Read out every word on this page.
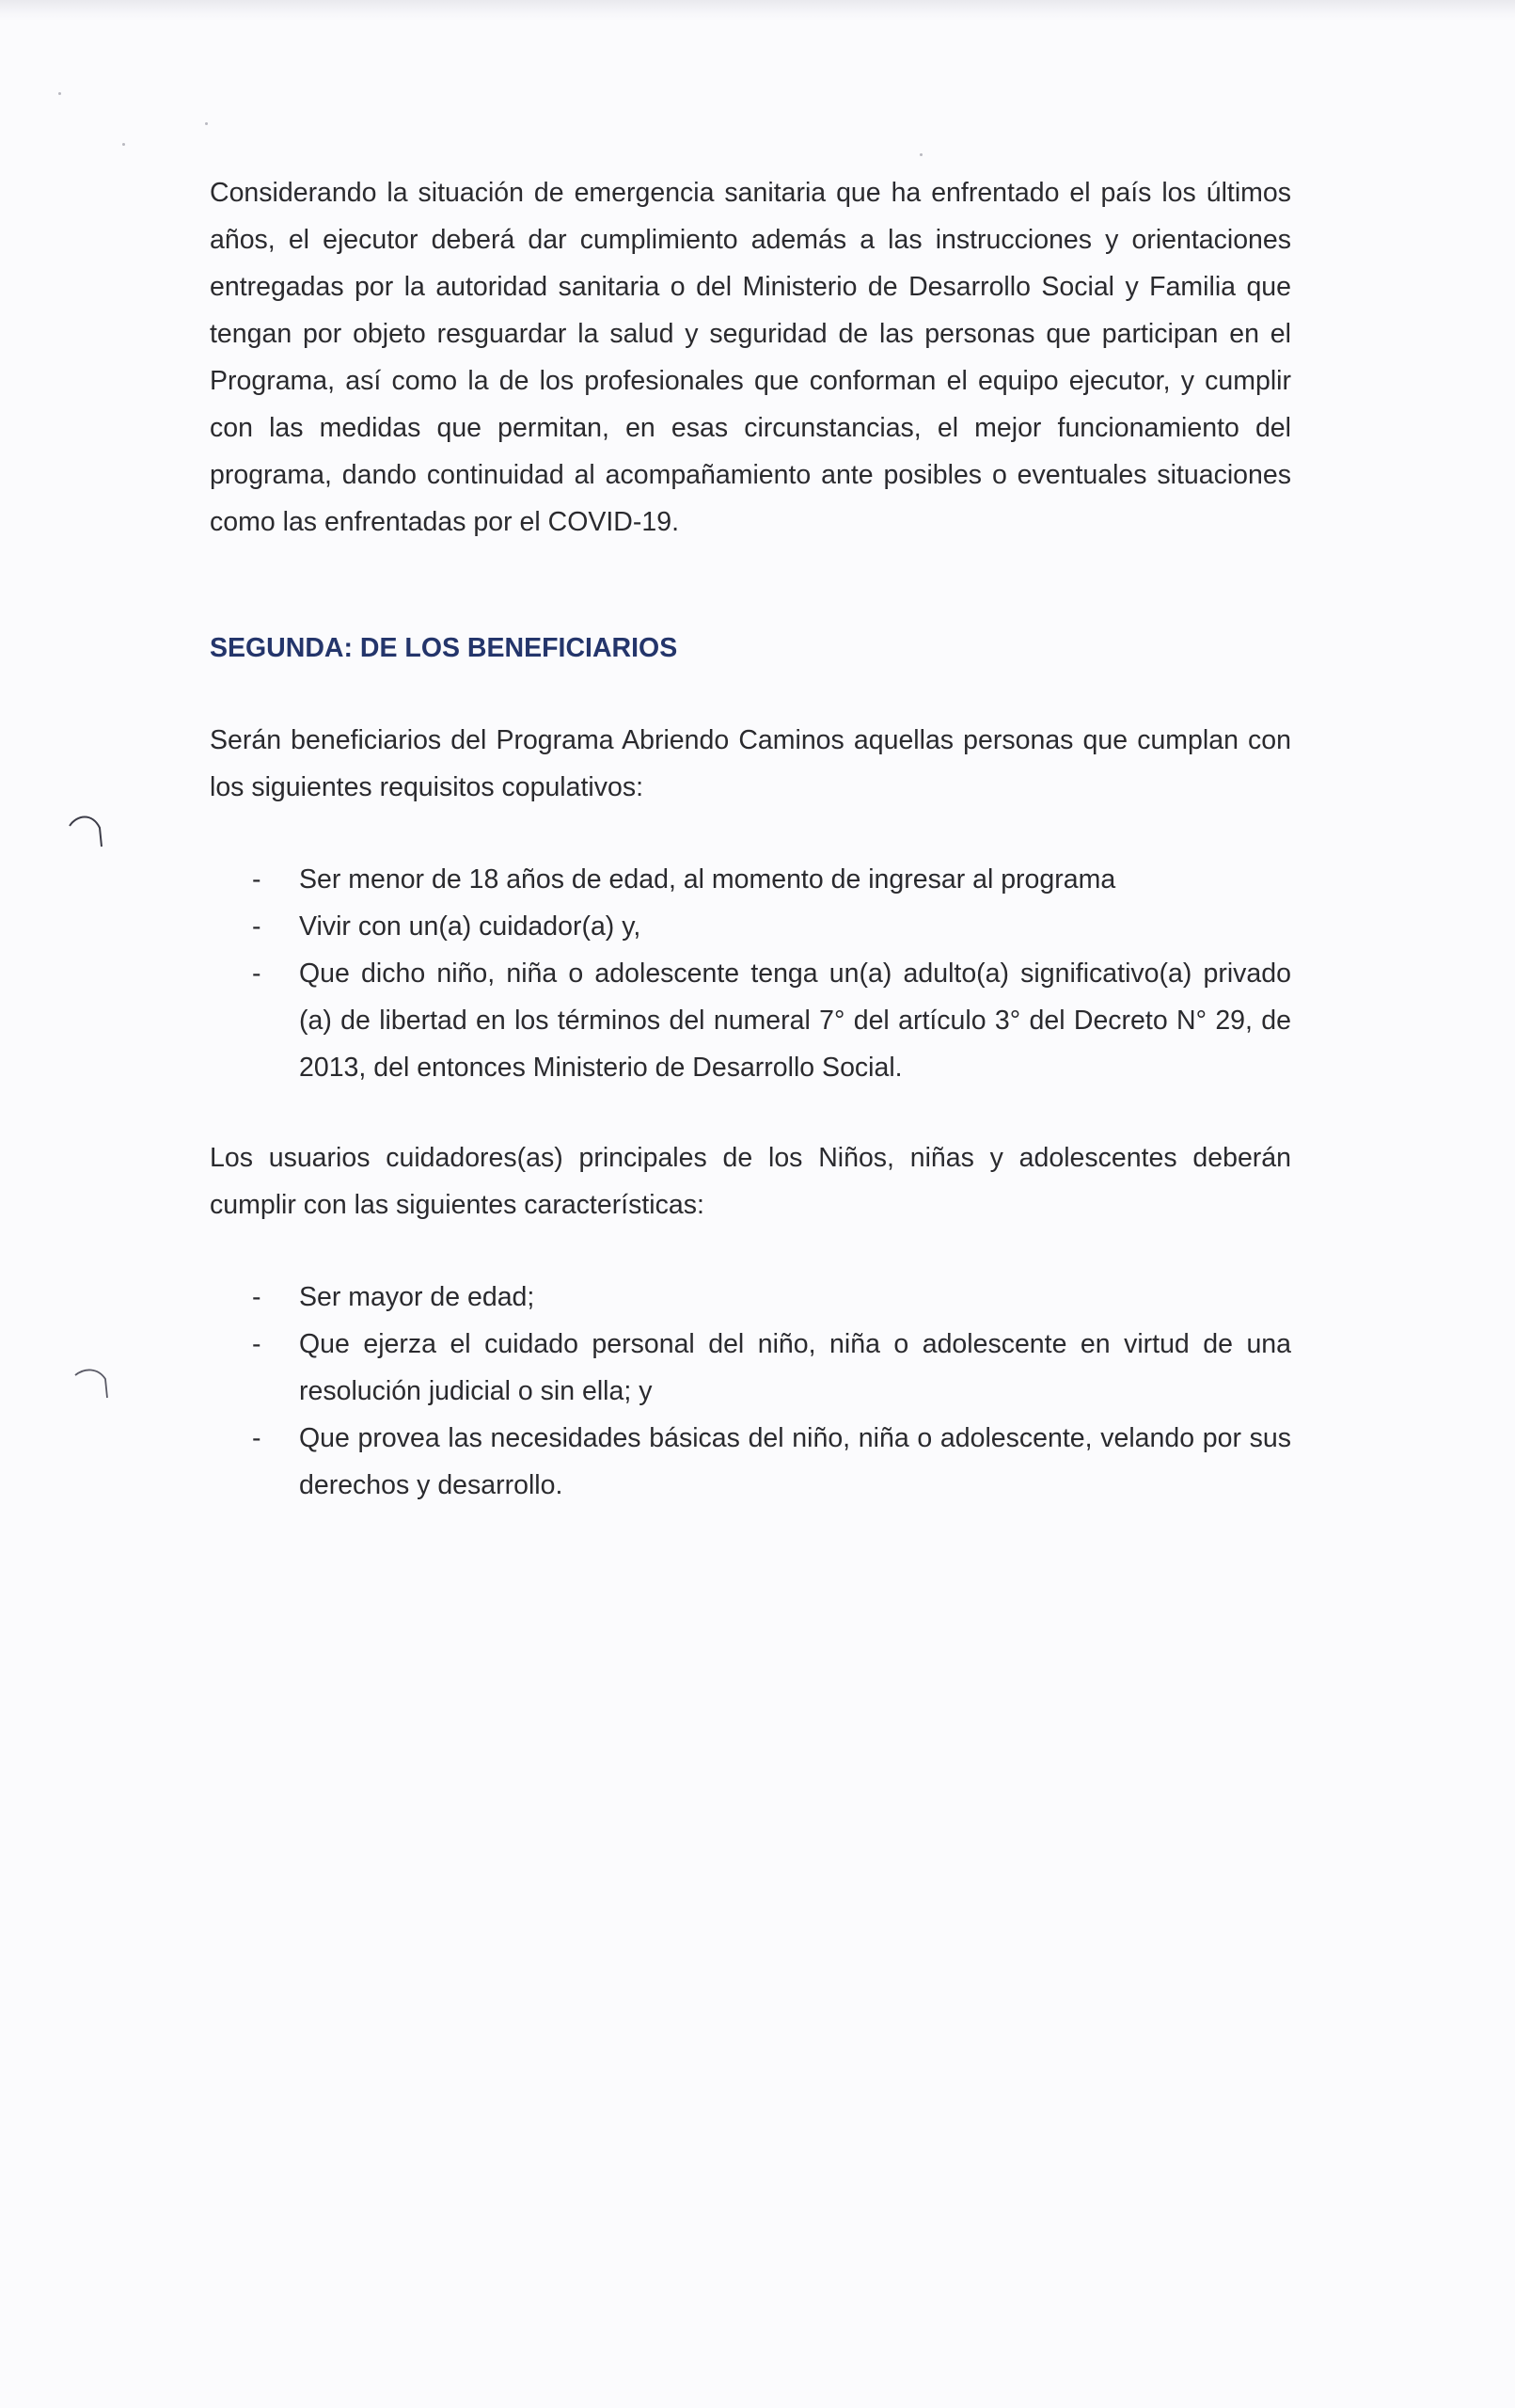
Considerando la situación de emergencia sanitaria que ha enfrentado el país los últimos años, el ejecutor deberá dar cumplimiento además a las instrucciones y orientaciones entregadas por la autoridad sanitaria o del Ministerio de Desarrollo Social y Familia que tengan por objeto resguardar la salud y seguridad de las personas que participan en el Programa, así como la de los profesionales que conforman el equipo ejecutor, y cumplir con las medidas que permitan, en esas circunstancias, el mejor funcionamiento del programa, dando continuidad al acompañamiento ante posibles o eventuales situaciones como las enfrentadas por el COVID-19.

SEGUNDA: DE LOS BENEFICIARIOS

Serán beneficiarios del Programa Abriendo Caminos aquellas personas que cumplan con los siguientes requisitos copulativos:

- Ser menor de 18 años de edad, al momento de ingresar al programa
- Vivir con un(a) cuidador(a) y,
- Que dicho niño, niña o adolescente tenga un(a) adulto(a) significativo(a) privado (a) de libertad en los términos del numeral 7° del artículo 3° del Decreto N° 29, de 2013, del entonces Ministerio de Desarrollo Social.

Los usuarios cuidadores(as) principales de los Niños, niñas y adolescentes deberán cumplir con las siguientes características:

- Ser mayor de edad;
- Que ejerza el cuidado personal del niño, niña o adolescente en virtud de una resolución judicial o sin ella; y
- Que provea las necesidades básicas del niño, niña o adolescente, velando por sus derechos y desarrollo.
